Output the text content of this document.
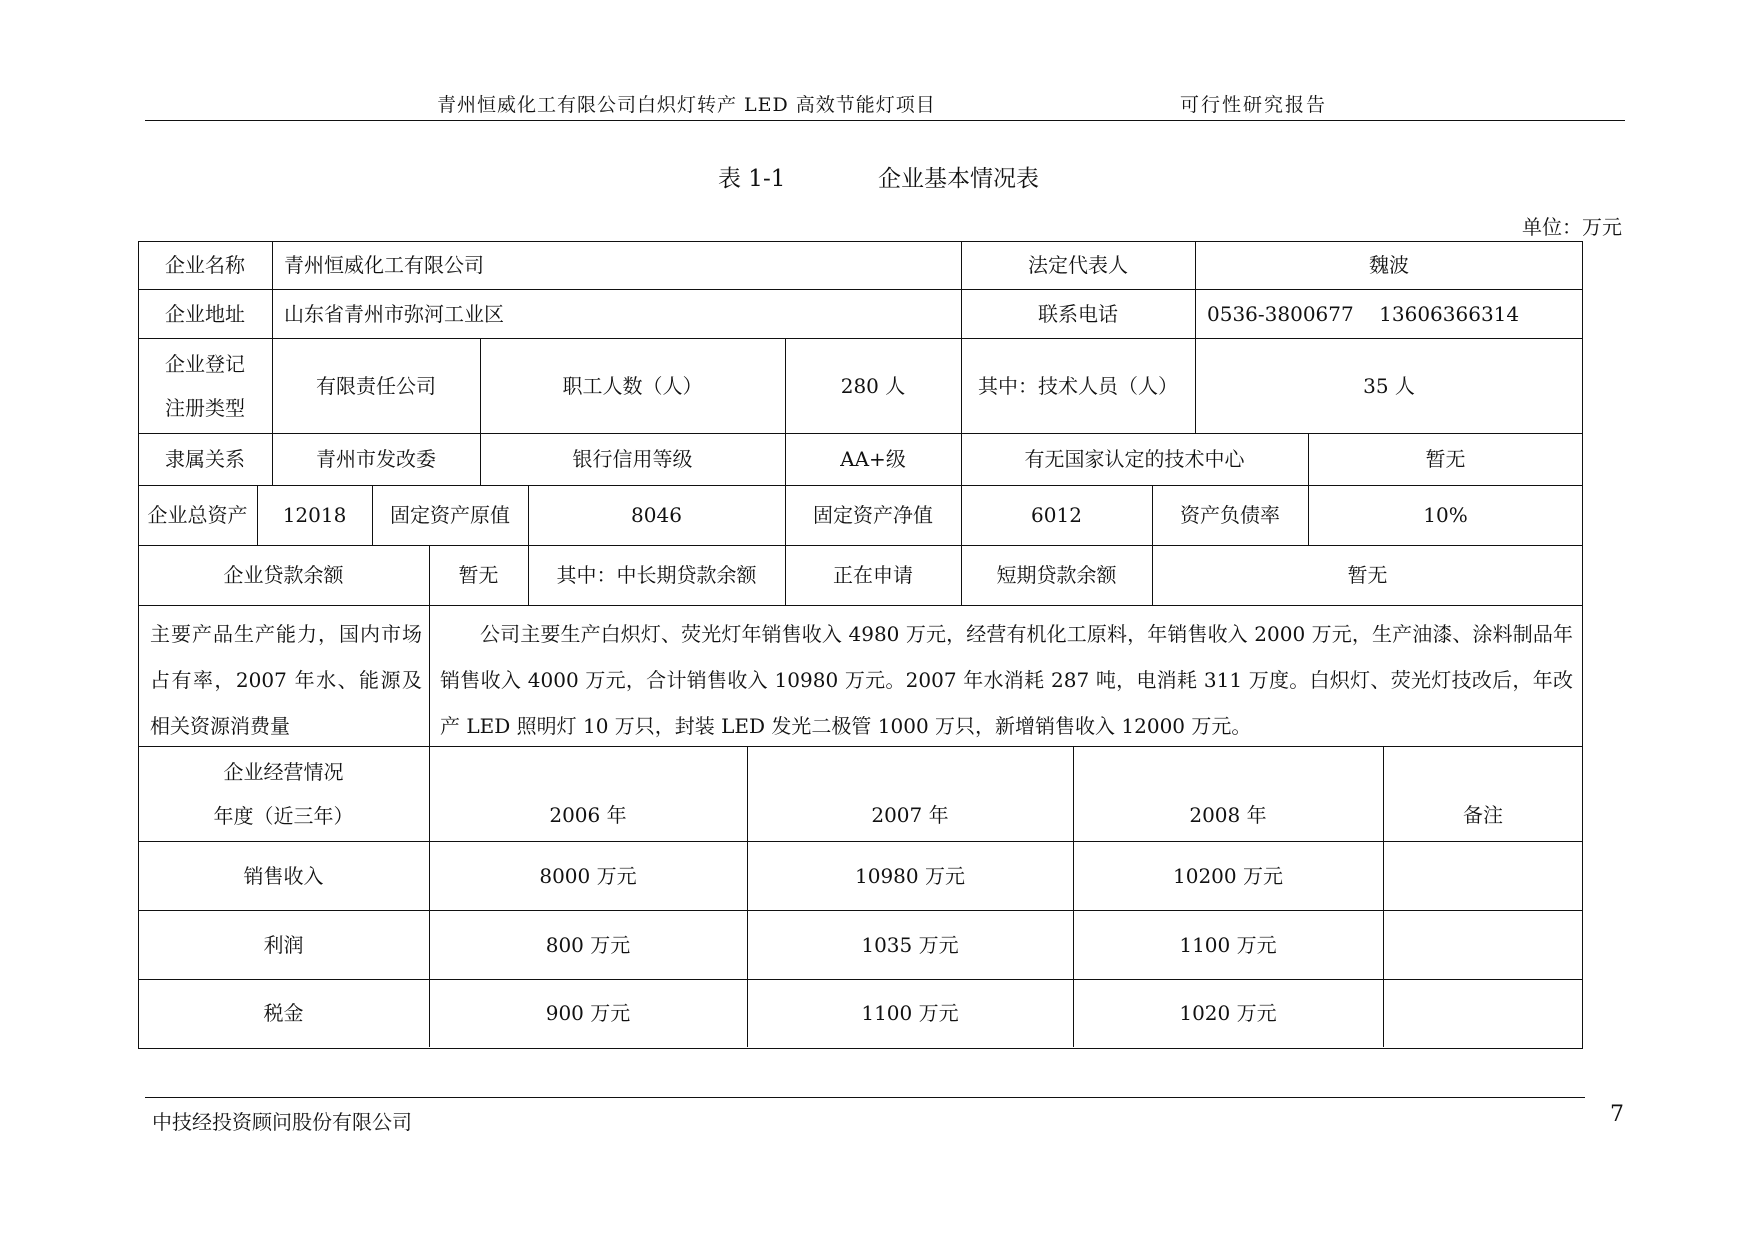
青州恒威化工有限公司白炽灯转产 LED 高效节能灯项目	可行性研究报告
表 1-1	企业基本情况表
单位：万元
企业名称	青州恒威化工有限公司	法定代表人	魏波
企业地址	山东省青州市弥河工业区	联系电话	0536-3800677    13606366314
企业登记
注册类型
有限责任公司	职工人数（人）	280 人	其中：技术人员（人）	35 人
隶属关系	青州市发改委	银行信用等级	AA+级	有无国家认定的技术中心	暂无
企业总资产	12018	固定资产原值	8046	固定资产净值	6012	资产负债率	10%
企业贷款余额	暂无	其中：中长期贷款余额	正在申请	短期贷款余额	暂无
主要产品生产能力，国内市场占有率，2007 年水、能源及相关资源消费量
公司主要生产白炽灯、荧光灯年销售收入 4980 万元，经营有机化工原料，年销售收入 2000 万元，生产油漆、涂料制品年销售收入 4000 万元，合计销售收入 10980 万元。2007 年水消耗 287 吨，电消耗 311 万度。白炽灯、荧光灯技改后，年改产 LED 照明灯 10 万只，封装 LED 发光二极管 1000 万只，新增销售收入 12000 万元。
企业经营情况
年度（近三年）	2006 年	2007 年	2008 年	备注
销售收入	8000 万元	10980 万元	10200 万元
利润	800 万元	1035 万元	1100 万元
税金	900 万元	1100 万元	1020 万元
中技经投资顾问股份有限公司	7
